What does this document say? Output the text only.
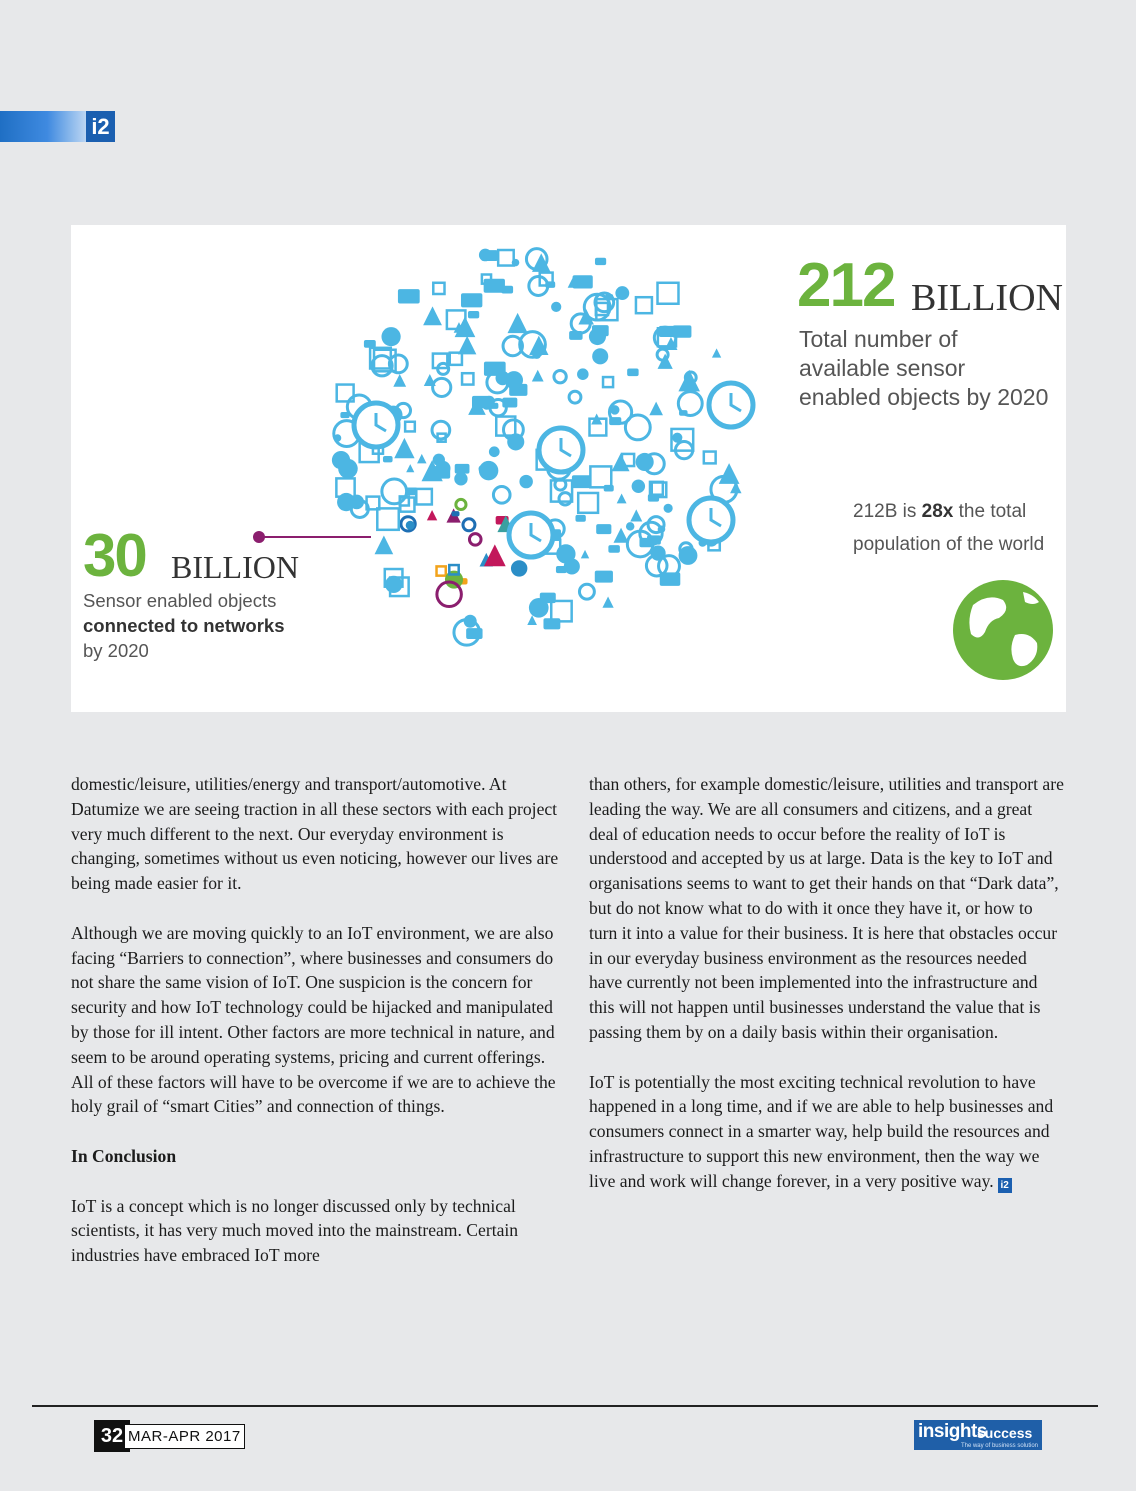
i2
212 BILLION
Total number of available sensor enabled objects by 2020
212B is 28x the total population of the world
30 BILLION
Sensor enabled objects
connected to networks
by 2020

domestic/leisure, utilities/energy and transport/automotive. At Datumize we are seeing traction in all these sectors with each project very much different to the next. Our everyday environment is changing, sometimes without us even noticing, however our lives are being made easier for it.

Although we are moving quickly to an IoT environment, we are also facing “Barriers to connection”, where businesses and consumers do not share the same vision of IoT. One suspicion is the concern for security and how IoT technology could be hijacked and manipulated by those for ill intent. Other factors are more technical in nature, and seem to be around operating systems, pricing and current offerings. All of these factors will have to be overcome if we are to achieve the holy grail of “smart Cities” and connection of things.

In Conclusion

IoT is a concept which is no longer discussed only by technical scientists, it has very much moved into the mainstream. Certain industries have embraced IoT more

than others, for example domestic/leisure, utilities and transport are leading the way. We are all consumers and citizens, and a great deal of education needs to occur before the reality of IoT is understood and accepted by us at large. Data is the key to IoT and organisations seems to want to get their hands on that “Dark data”, but do not know what to do with it once they have it, or how to turn it into a value for their business. It is here that obstacles occur in our everyday business environment as the resources needed have currently not been implemented into the infrastructure and this will not happen until businesses understand the value that is passing them by on a daily basis within their organisation.

IoT is potentially the most exciting technical revolution to have happened in a long time, and if we are able to help businesses and consumers connect in a smarter way, help build the resources and infrastructure to support this new environment, then the way we live and work will change forever, in a very positive way. i2

32 MAR-APR 2017	insights
success
The way of business solution
